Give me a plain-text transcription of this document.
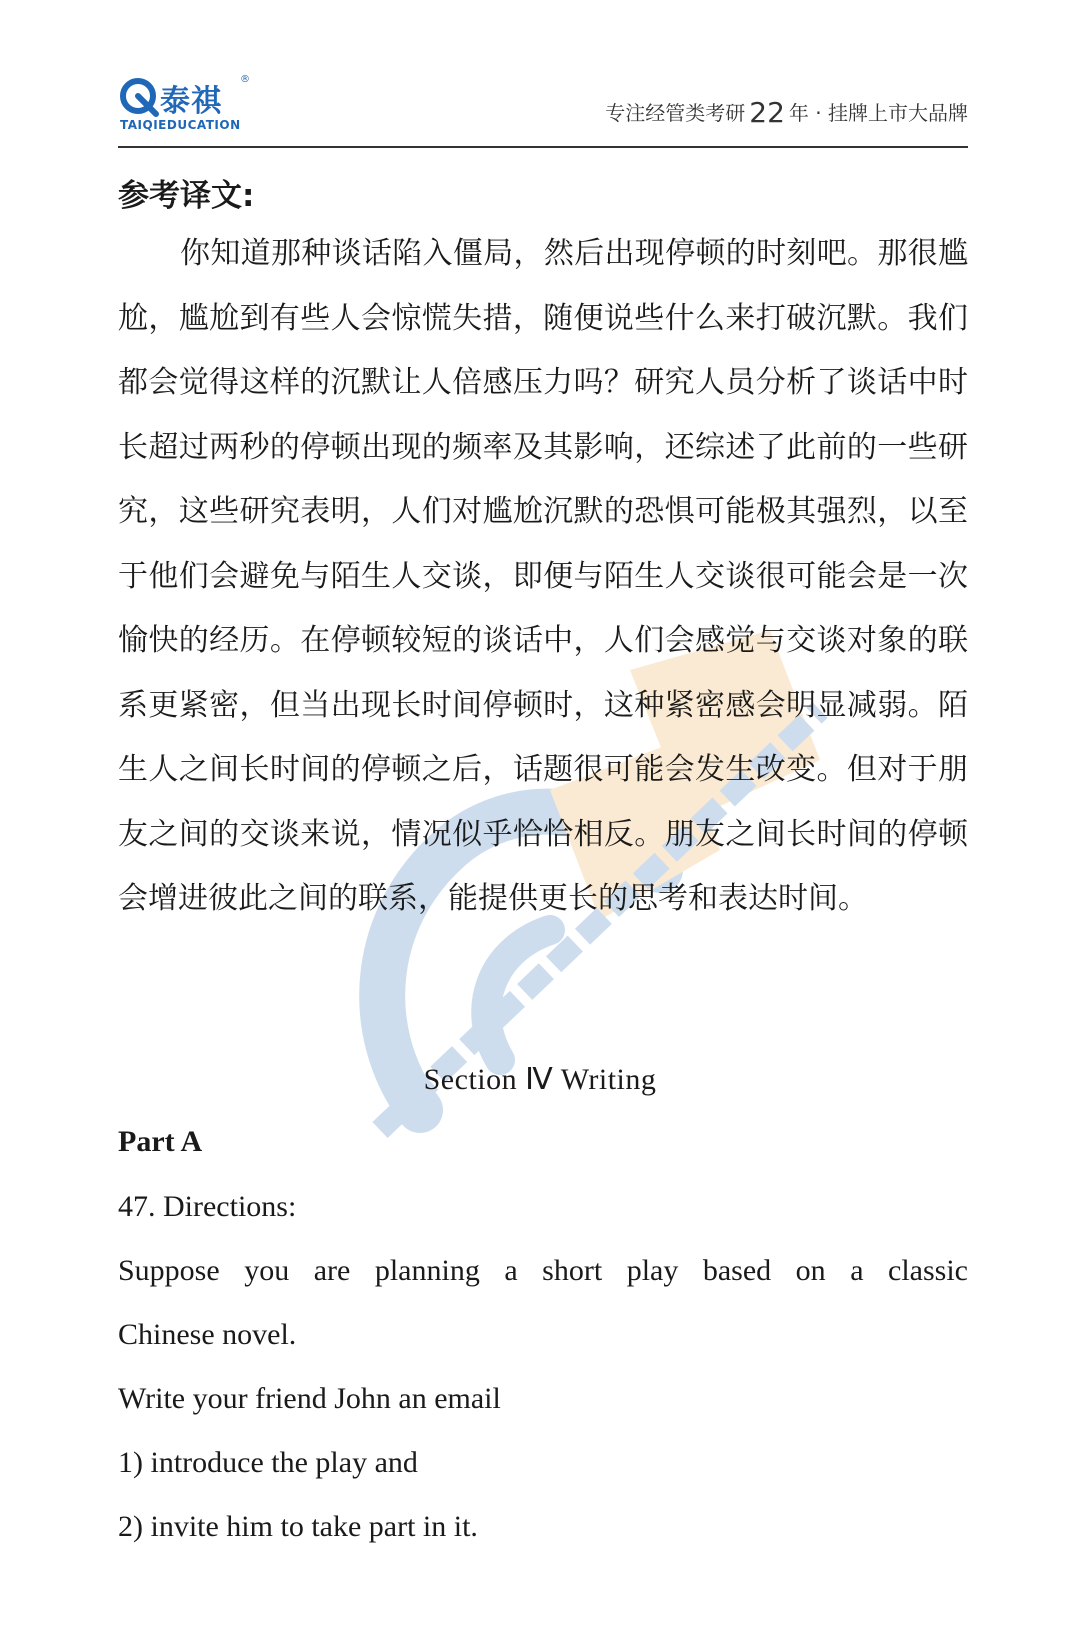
泰祺
®
TAIQIEDUCATION	专注经管类考研 22 年 · 挂牌上市大品牌
参考译文:

你知道那种谈话陷入僵局，然后出现停顿的时刻吧。那很尴尬，尴尬到有些人会惊慌失措，随便说些什么来打破沉默。我们都会觉得这样的沉默让人倍感压力吗？研究人员分析了谈话中时长超过两秒的停顿出现的频率及其影响，还综述了此前的一些研究，这些研究表明，人们对尴尬沉默的恐惧可能极其强烈，以至于他们会避免与陌生人交谈，即便与陌生人交谈很可能会是一次愉快的经历。在停顿较短的谈话中，人们会感觉与交谈对象的联系更紧密，但当出现长时间停顿时，这种紧密感会明显减弱。陌生人之间长时间的停顿之后，话题很可能会发生改变。但对于朋友之间的交谈来说，情况似乎恰恰相反。朋友之间长时间的停顿会增进彼此之间的联系，能提供更长的思考和表达时间。

Section Ⅳ Writing
Part A
47. Directions:
Suppose you are planning a short play based on a classic
Chinese novel.
Write your friend John an email
1) introduce the play and
2) invite him to take part in it.
